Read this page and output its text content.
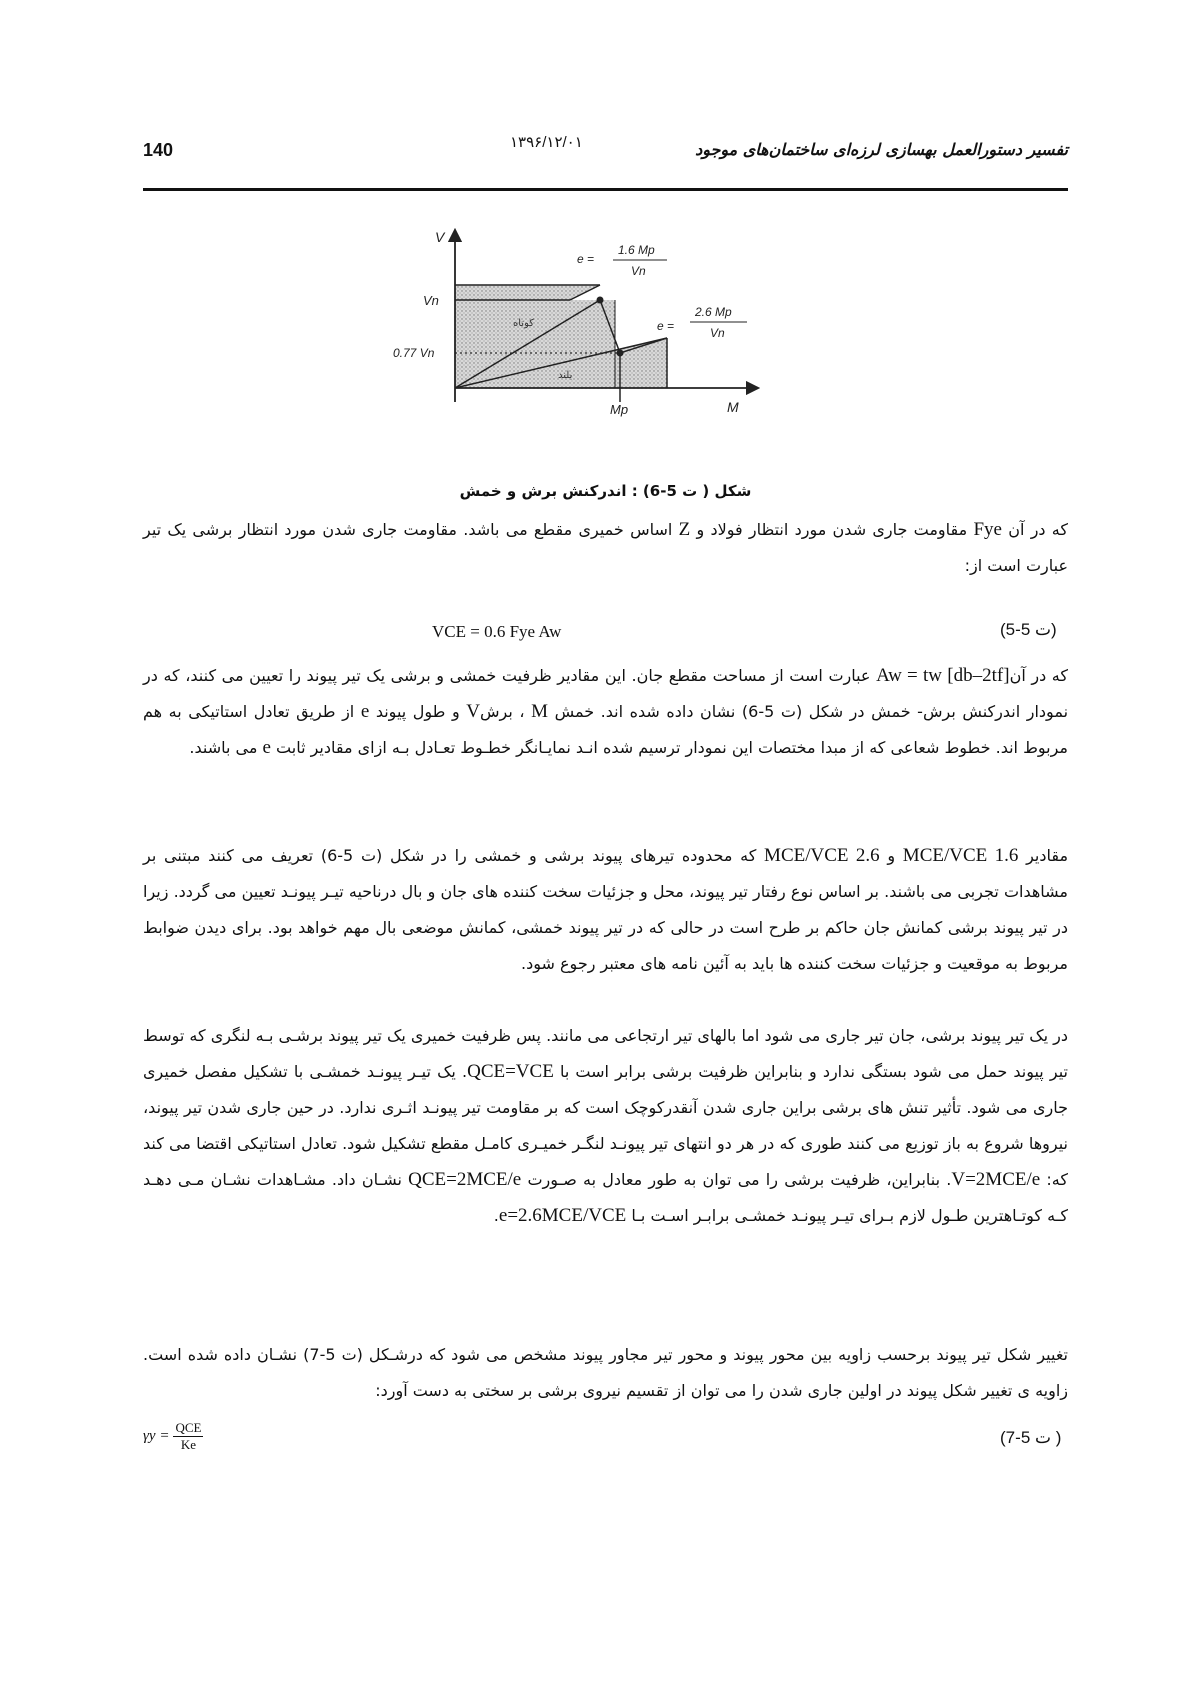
140	۱۳۹۶/۱۲/۰۱	تفسیر دستورالعمل بهسازی لرزه‌ای ساختمان‌های موجود
V
M
Vn
0.77 Vn
Mp
e =
1.6 Mp
Vn
e =
2.6 Mp
Vn
کوتاه
بلند
شکل ( ت 5-6) : اندرکنش برش و خمش

که در آن Fye مقاومت جاری شدن مورد انتظار فولاد و Z اساس خمیری مقطع می باشد. مقاومت جاری شدن مورد انتظار برشی یک تیر عبارت است از:

VCE = 0.6 Fye Aw	(ت 5-5)

که در آنAw = tw [db–2tf] عبارت است از مساحت مقطع جان. این مقادیر ظرفیت خمشی و برشی یک تیر پیوند را تعیین می کنند، که در نمودار اندرکنش برش- خمش در شکل (ت 5-6) نشان داده شده اند. خمش M ، برشV و طول پیوند e از طریق تعادل استاتیکی به هم مربوط اند. خطوط شعاعی که از مبدا مختصات این نمودار ترسیم شده انـد نمایـانگر خطـوط تعـادل بـه ازای مقادیر ثابت e می باشند.

مقادیر 1.6 MCE/VCE و 2.6 MCE/VCE که محدوده تیرهای پیوند برشی و خمشی را در شکل (ت 5-6) تعریف می کنند مبتنی بر مشاهدات تجربی می باشند. بر اساس نوع رفتار تیر پیوند، محل و جزئیات سخت کننده های جان و بال درناحیه تیـر پیونـد تعیین می گردد. زیرا در تیر پیوند برشی کمانش جان حاکم بر طرح است در حالی که در تیر پیوند خمشی، کمانش موضعی بال مهم خواهد بود. برای دیدن ضوابط مربوط به موقعیت و جزئیات سخت کننده ها باید به آئین نامه های معتبر رجوع شود.

در یک تیر پیوند برشی، جان تیر جاری می شود اما بالهای تیر ارتجاعی می مانند. پس ظرفیت خمیری یک تیر پیوند برشـی بـه لنگری که توسط تیر پیوند حمل می شود بستگی ندارد و بنابراین ظرفیت برشی برابر است با QCE=VCE. یک تیـر پیونـد خمشـی با تشکیل مفصل خمیری جاری می شود. تأثیر تنش های برشی براین جاری شدن آنقدرکوچک است که بر مقاومت تیر پیونـد اثـری ندارد. در حین جاری شدن تیر پیوند، نیروها شروع به باز توزیع می کنند طوری که در هر دو انتهای تیر پیونـد لنگـر خمیـری کامـل مقطع تشکیل شود. تعادل استاتیکی اقتضا می کند که: V=2MCE/e. بنابراین، ظرفیت برشی را می توان به طور معادل به صـورت QCE=2MCE/e نشـان داد. مشـاهدات نشـان مـی دهـد کـه کوتـاهترین طـول لازم بـرای تیـر پیونـد خمشـی برابـر اسـت بـا e=2.6MCE/VCE.

تغییر شکل تیر پیوند برحسب زاویه بین محور پیوند و محور تیر مجاور پیوند مشخص می شود که درشـکل (ت 5-7) نشـان داده شده است. زاویه ی تغییر شکل پیوند در اولین جاری شدن را می توان از تقسیم نیروی برشی بر سختی به دست آورد:

γy =
QCE
Ke	( ت 5-7)
